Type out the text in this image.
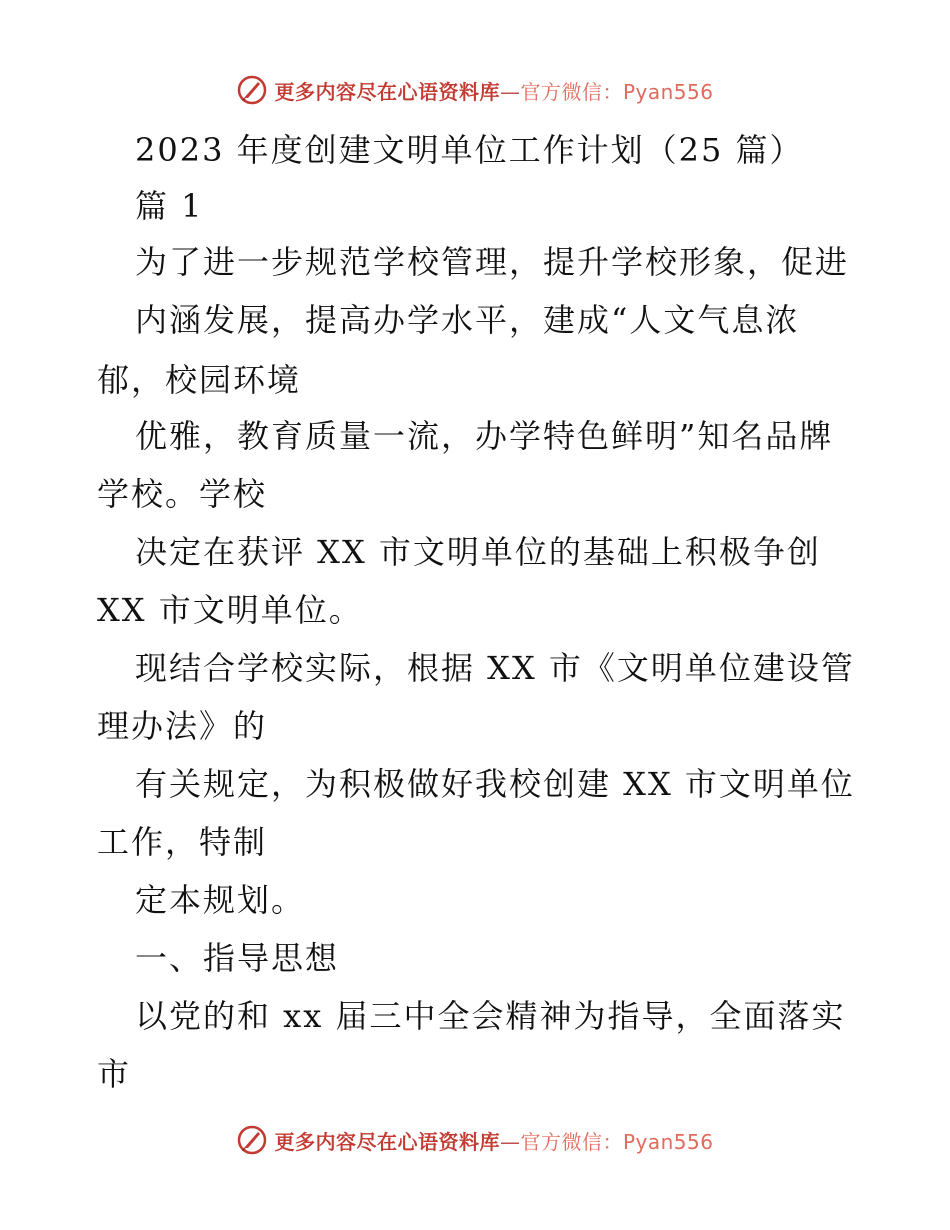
更多内容尽在心语资料库—官方微信：Pyan556
2023 年度创建文明单位工作计划（25 篇）
篇 1
为了进一步规范学校管理，提升学校形象，促进
内涵发展，提高办学水平，建成“人文气息浓
郁，校园环境
优雅，教育质量一流，办学特色鲜明”知名品牌
学校。学校
决定在获评 XX 市文明单位的基础上积极争创
XX 市文明单位。
现结合学校实际，根据 XX 市《文明单位建设管
理办法》的
有关规定，为积极做好我校创建 XX 市文明单位
工作，特制
定本规划。
一、指导思想
以党的和 xx 届三中全会精神为指导，全面落实
市
更多内容尽在心语资料库—官方微信：Pyan556
